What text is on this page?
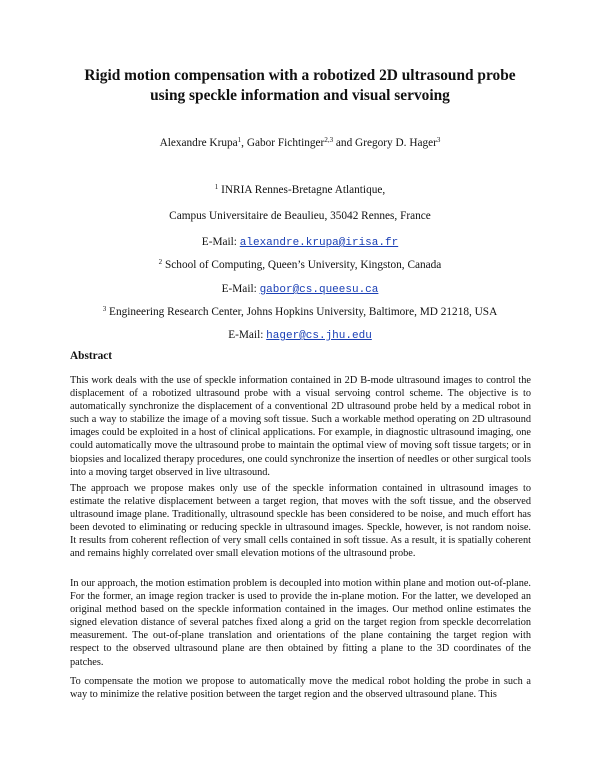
Rigid motion compensation with a robotized 2D ultrasound probe
using speckle information and visual servoing
Alexandre Krupa$^1$, Gabor Fichtinger$^{2,3}$ and Gregory D. Hager$^3$
$^1$ INRIA Rennes-Bretagne Atlantique,
Campus Universitaire de Beaulieu, 35042 Rennes, France
E-Mail: alexandre.krupa@irisa.fr
$^2$ School of Computing, Queen’s University, Kingston, Canada
E-Mail: gabor@cs.queesu.ca
$^3$ Engineering Research Center, Johns Hopkins University, Baltimore, MD 21218, USA
E-Mail: hager@cs.jhu.edu
Abstract

This work deals with the use of speckle information contained in 2D B-mode ultrasound images to control the displacement of a robotized ultrasound probe with a visual servoing control scheme. The objective is to automatically synchronize the displacement of a conventional 2D ultrasound probe held by a medical robot in such a way to stabilize the image of a moving soft tissue. Such a workable method operating on 2D ultrasound images could be exploited in a host of clinical applications. For example, in diagnostic ultrasound imaging, one could automatically move the ultrasound probe to maintain the optimal view of moving soft tissue targets; or in biopsies and localized therapy procedures, one could synchronize the insertion of needles or other surgical tools into a moving target observed in live ultrasound.

The approach we propose makes only use of the speckle information contained in ultrasound images to estimate the relative displacement between a target region, that moves with the soft tissue, and the observed ultrasound image plane. Traditionally, ultrasound speckle has been considered to be noise, and much effort has been devoted to eliminating or reducing speckle in ultrasound images. Speckle, however, is not random noise. It results from coherent reflection of very small cells contained in soft tissue. As a result, it is spatially coherent and remains highly correlated over small elevation motions of the ultrasound probe.

In our approach, the motion estimation problem is decoupled into motion within plane and motion out-of-plane. For the former, an image region tracker is used to provide the in-plane motion. For the latter, we developed an original method based on the speckle information contained in the images. Our method online estimates the signed elevation distance of several patches fixed along a grid on the target region from speckle decorrelation measurement. The out-of-plane translation and orientations of the plane containing the target region with respect to the observed ultrasound plane are then obtained by fitting a plane to the 3D coordinates of the patches.

To compensate the motion we propose to automatically move the medical robot holding the probe in such a way to minimize the relative position between the target region and the observed ultrasound plane. This
